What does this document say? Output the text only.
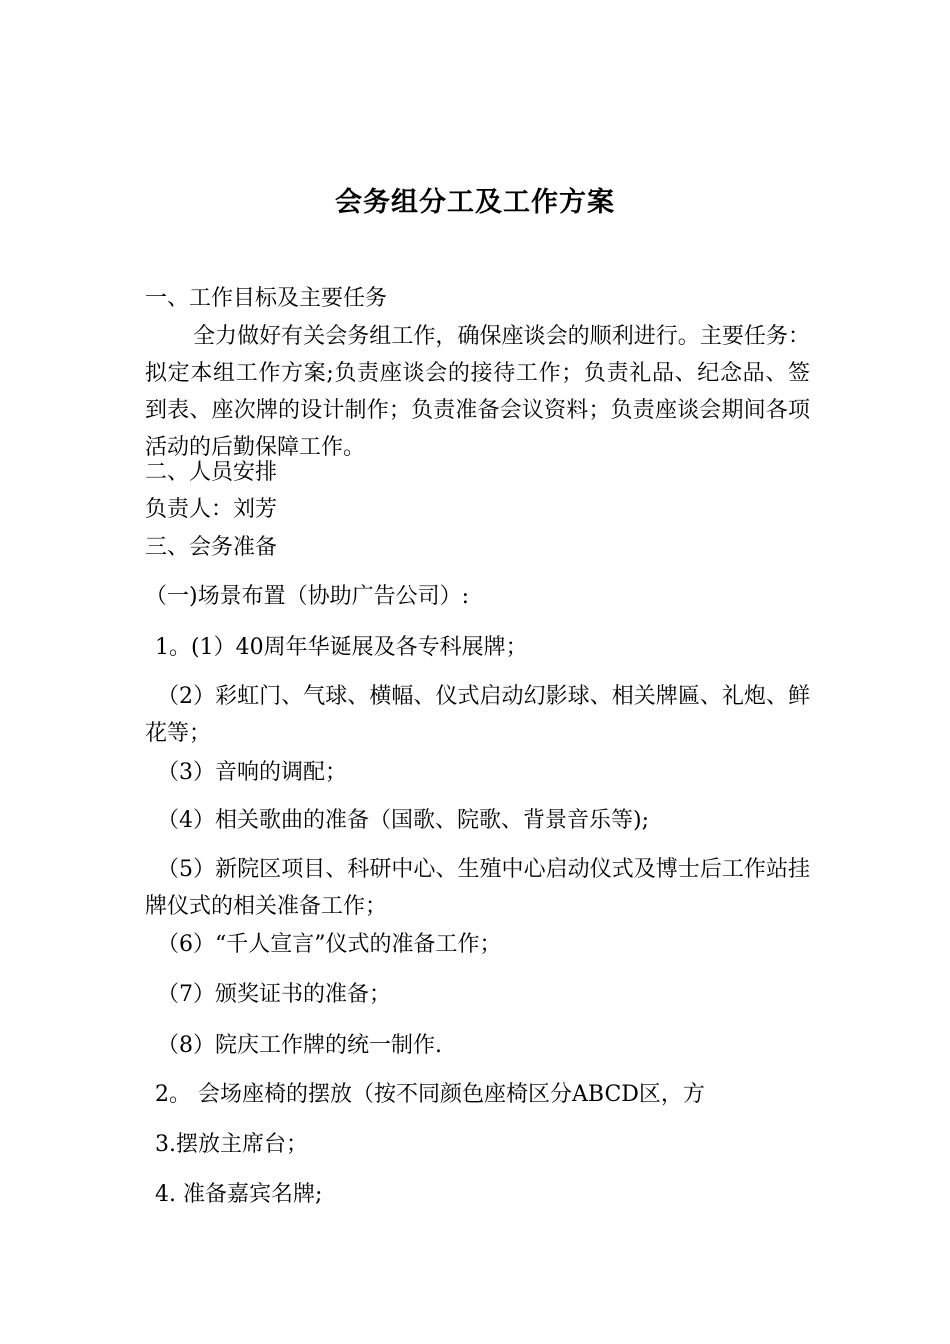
会务组分工及工作方案
一、工作目标及主要任务
全力做好有关会务组工作，确保座谈会的顺利进行。主要任务：拟定本组工作方案;负责座谈会的接待工作；负责礼品、纪念品、签到表、座次牌的设计制作；负责准备会议资料；负责座谈会期间各项活动的后勤保障工作。
二、人员安排
负责人：刘芳
三、会务准备
（一)场景布置（协助广告公司）:
1。(1）40周年华诞展及各专科展牌；
（2）彩虹门、气球、横幅、仪式启动幻影球、相关牌匾、礼炮、鲜花等；
（3）音响的调配；
（4）相关歌曲的准备（国歌、院歌、背景音乐等);
（5）新院区项目、科研中心、生殖中心启动仪式及博士后工作站挂牌仪式的相关准备工作；
（6）“千人宣言”仪式的准备工作；
（7）颁奖证书的准备；
（8）院庆工作牌的统一制作.
2。 会场座椅的摆放（按不同颜色座椅区分ABCD区，方
3.摆放主席台；
4. 准备嘉宾名牌;
